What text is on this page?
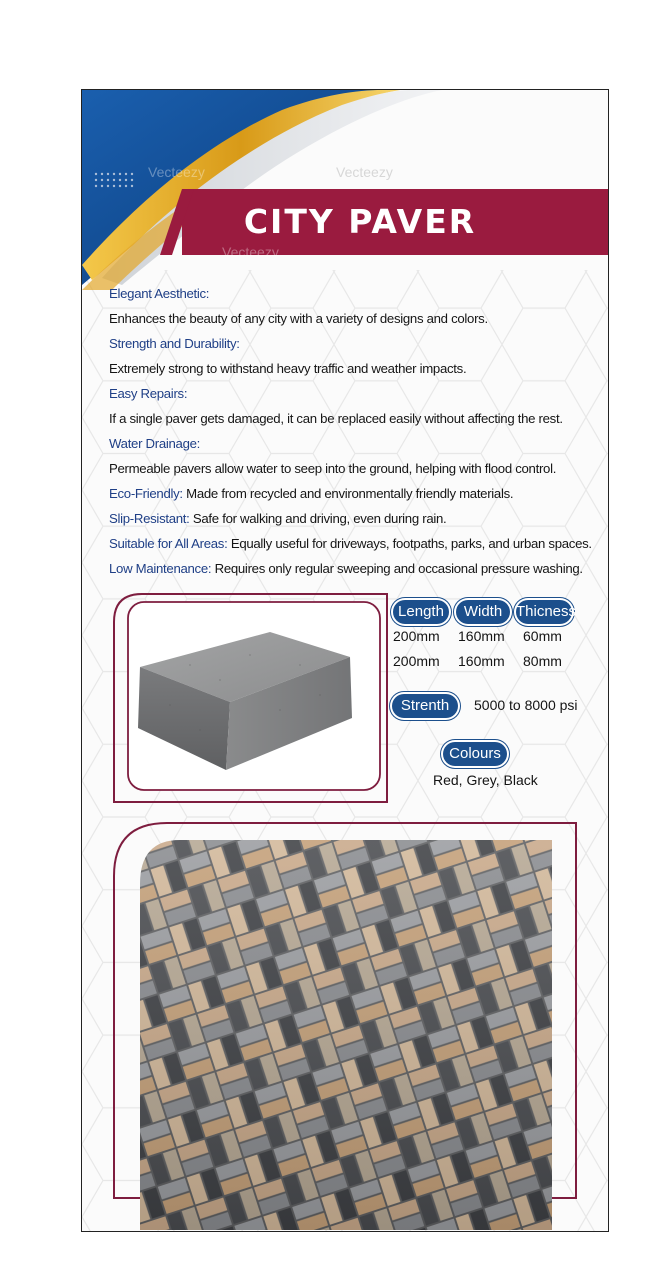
Vecteezy	Vecteezy
Vecteezy
CITY PAVER
Elegant Aesthetic:
Enhances the beauty of any city with a variety of designs and colors.
Strength and Durability:
Extremely strong to withstand heavy traffic and weather impacts.
Easy Repairs:
If a single paver gets damaged, it can be replaced easily without affecting the rest.
Water Drainage:
Permeable pavers allow water to seep into the ground, helping with flood control.
Eco-Friendly: Made from recycled and environmentally friendly materials.
Slip-Resistant: Safe for walking and driving, even during rain.
Suitable for All Areas: Equally useful for driveways, footpaths, parks, and urban spaces.
Low Maintenance: Requires only regular sweeping and occasional pressure washing.
Length	Width Thicness
200mm 160mm 60mm
200mm 160mm 80mm
Strenth	5000 to 8000 psi
Colours
Red, Grey, Black
